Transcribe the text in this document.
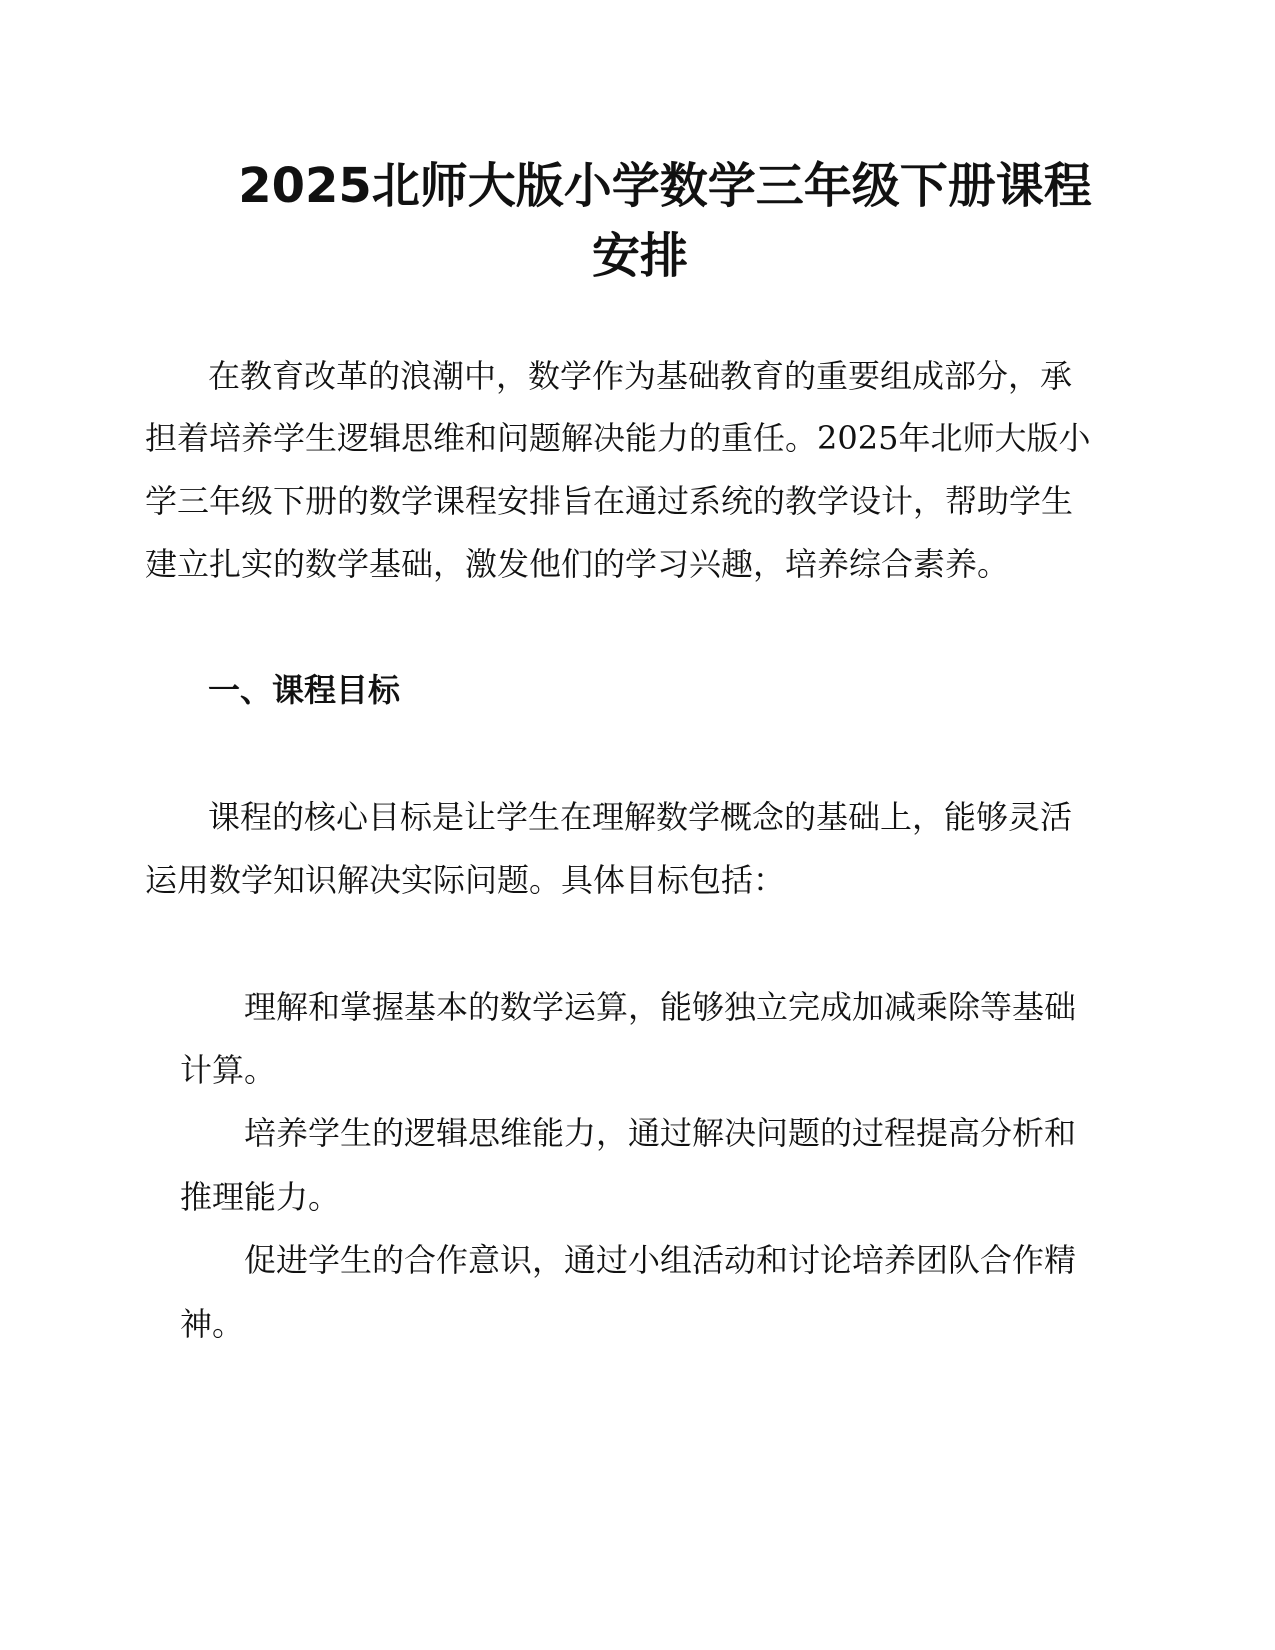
2025北师大版小学数学三年级下册课程
安排

在教育改革的浪潮中，数学作为基础教育的重要组成部分，承

担着培养学生逻辑思维和问题解决能力的重任。2025年北师大版小

学三年级下册的数学课程安排旨在通过系统的教学设计，帮助学生

建立扎实的数学基础，激发他们的学习兴趣，培养综合素养。

一、课程目标

课程的核心目标是让学生在理解数学概念的基础上，能够灵活

运用数学知识解决实际问题。具体目标包括：

理解和掌握基本的数学运算，能够独立完成加减乘除等基础

计算。

培养学生的逻辑思维能力，通过解决问题的过程提高分析和

推理能力。

促进学生的合作意识，通过小组活动和讨论培养团队合作精

神。
